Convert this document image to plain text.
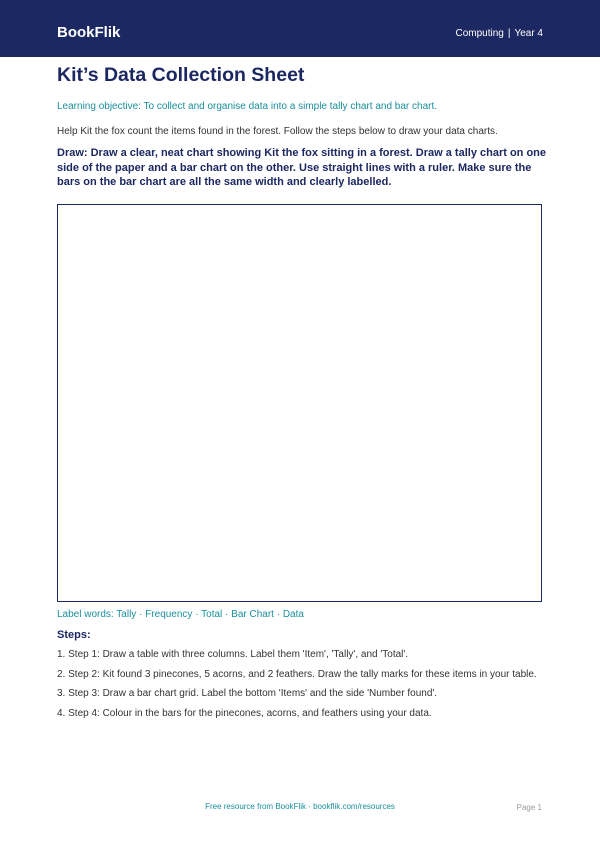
BookFlik	Computing | Year 4
Kit’s Data Collection Sheet
Learning objective: To collect and organise data into a simple tally chart and bar chart.
Help Kit the fox count the items found in the forest. Follow the steps below to draw your data charts.
Draw: Draw a clear, neat chart showing Kit the fox sitting in a forest. Draw a tally chart on one side of the paper and a bar chart on the other. Use straight lines with a ruler. Make sure the bars on the bar chart are all the same width and clearly labelled.
Label words: Tally · Frequency · Total · Bar Chart · Data
Steps:
1. Step 1: Draw a table with three columns. Label them 'Item', 'Tally', and 'Total'.
2. Step 2: Kit found 3 pinecones, 5 acorns, and 2 feathers. Draw the tally marks for these items in your table.
3. Step 3: Draw a bar chart grid. Label the bottom 'Items' and the side 'Number found'.
4. Step 4: Colour in the bars for the pinecones, acorns, and feathers using your data.
Free resource from BookFlik · bookflik.com/resources	Page 1
